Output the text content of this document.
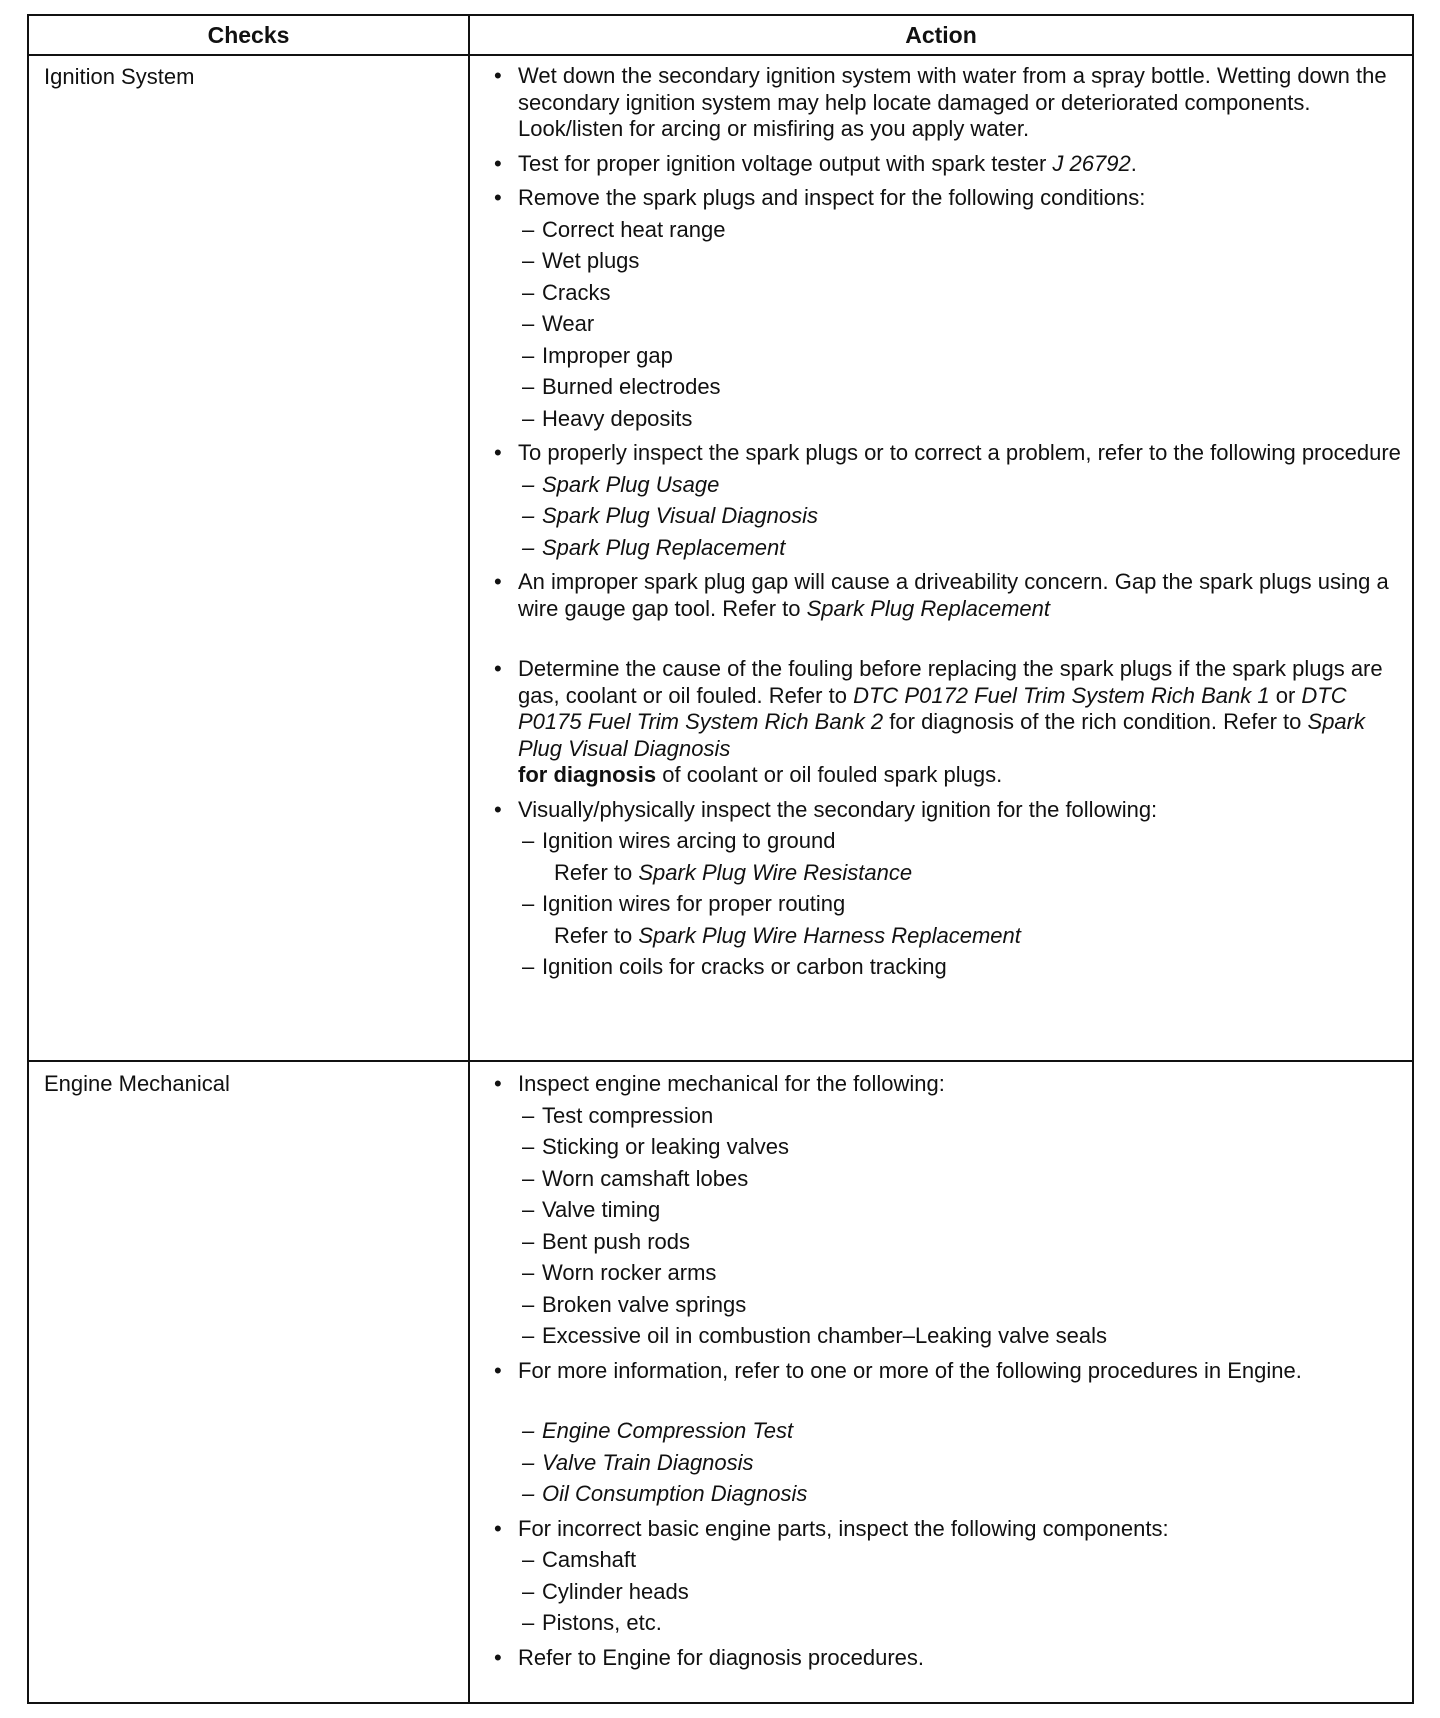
Checks	Action
Ignition System	• Wet down the secondary ignition system with water from a spray bottle. Wetting down the secondary ignition system may help locate damaged or deteriorated components. Look/listen for arcing or misfiring as you apply water.

• Test for proper ignition voltage output with spark tester J 26792.

• Remove the spark plugs and inspect for the following conditions:

– Correct heat range

– Wet plugs

– Cracks

– Wear

– Improper gap

– Burned electrodes

– Heavy deposits

• To properly inspect the spark plugs or to correct a problem, refer to the following procedure

– Spark Plug Usage

– Spark Plug Visual Diagnosis

– Spark Plug Replacement

• An improper spark plug gap will cause a driveability concern. Gap the spark plugs using a wire gauge gap tool. Refer to Spark Plug Replacement

• Determine the cause of the fouling before replacing the spark plugs if the spark plugs are gas, coolant or oil fouled. Refer to DTC P0172 Fuel Trim System Rich Bank 1 or DTC P0175 Fuel Trim System Rich Bank 2 for diagnosis of the rich condition. Refer to Spark Plug Visual Diagnosis
for diagnosis of coolant or oil fouled spark plugs.

• Visually/physically inspect the secondary ignition for the following:

– Ignition wires arcing to ground

Refer to Spark Plug Wire Resistance

– Ignition wires for proper routing

Refer to Spark Plug Wire Harness Replacement

– Ignition coils for cracks or carbon tracking

Engine Mechanical	• Inspect engine mechanical for the following:

– Test compression

– Sticking or leaking valves

– Worn camshaft lobes

– Valve timing

– Bent push rods

– Worn rocker arms

– Broken valve springs

– Excessive oil in combustion chamber–Leaking valve seals

• For more information, refer to one or more of the following procedures in Engine.

– Engine Compression Test

– Valve Train Diagnosis

– Oil Consumption Diagnosis

• For incorrect basic engine parts, inspect the following components:

– Camshaft

– Cylinder heads

– Pistons, etc.

• Refer to Engine for diagnosis procedures.
